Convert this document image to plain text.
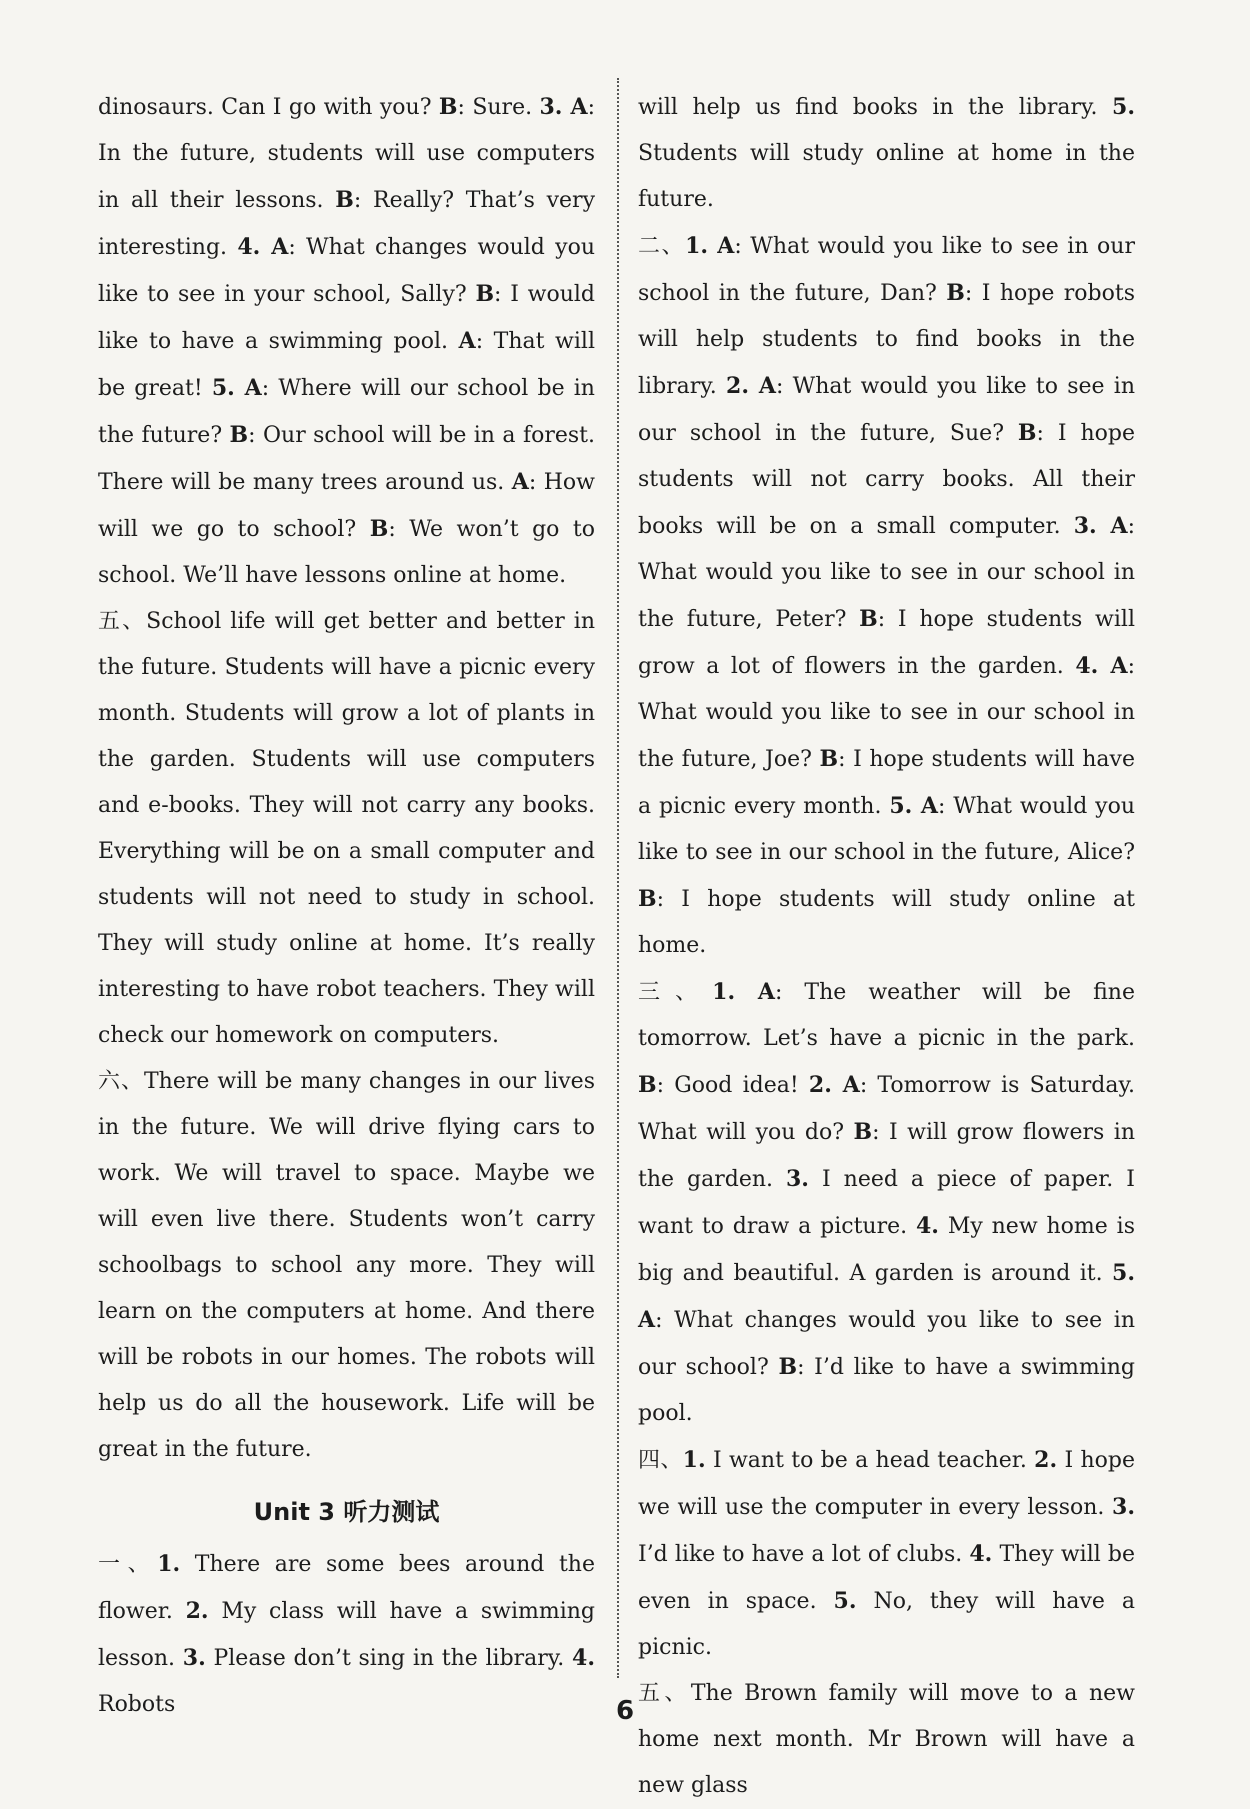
dinosaurs. Can I go with you? B: Sure. 3. A: In the future, students will use computers in all their lessons. B: Really? That’s very interesting. 4. A: What changes would you like to see in your school, Sally? B: I would like to have a swimming pool. A: That will be great! 5. A: Where will our school be in the future? B: Our school will be in a forest. There will be many trees around us. A: How will we go to school? B: We won’t go to school. We’ll have lessons online at home.

五、School life will get better and better in the future. Students will have a picnic every month. Students will grow a lot of plants in the garden. Students will use computers and e-books. They will not carry any books. Everything will be on a small computer and students will not need to study in school. They will study online at home. It’s really interesting to have robot teachers. They will check our homework on computers.

六、There will be many changes in our lives in the future. We will drive flying cars to work. We will travel to space. Maybe we will even live there. Students won’t carry schoolbags to school any more. They will learn on the computers at home. And there will be robots in our homes. The robots will help us do all the housework. Life will be great in the future.

Unit 3 听力测试

一、1. There are some bees around the flower. 2. My class will have a swimming lesson. 3. Please don’t sing in the library. 4. Robots

will help us find books in the library. 5. Students will study online at home in the future.

二、1. A: What would you like to see in our school in the future, Dan? B: I hope robots will help students to find books in the library. 2. A: What would you like to see in our school in the future, Sue? B: I hope students will not carry books. All their books will be on a small computer. 3. A: What would you like to see in our school in the future, Peter? B: I hope students will grow a lot of flowers in the garden. 4. A: What would you like to see in our school in the future, Joe? B: I hope students will have a picnic every month. 5. A: What would you like to see in our school in the future, Alice? B: I hope students will study online at home.

三、1. A: The weather will be fine tomorrow. Let’s have a picnic in the park. B: Good idea! 2. A: Tomorrow is Saturday. What will you do? B: I will grow flowers in the garden. 3. I need a piece of paper. I want to draw a picture. 4. My new home is big and beautiful. A garden is around it. 5. A: What changes would you like to see in our school? B: I’d like to have a swimming pool.

四、1. I want to be a head teacher. 2. I hope we will use the computer in every lesson. 3. I’d like to have a lot of clubs. 4. They will be even in space. 5. No, they will have a picnic.

五、The Brown family will move to a new home next month. Mr Brown will have a new glass

6
